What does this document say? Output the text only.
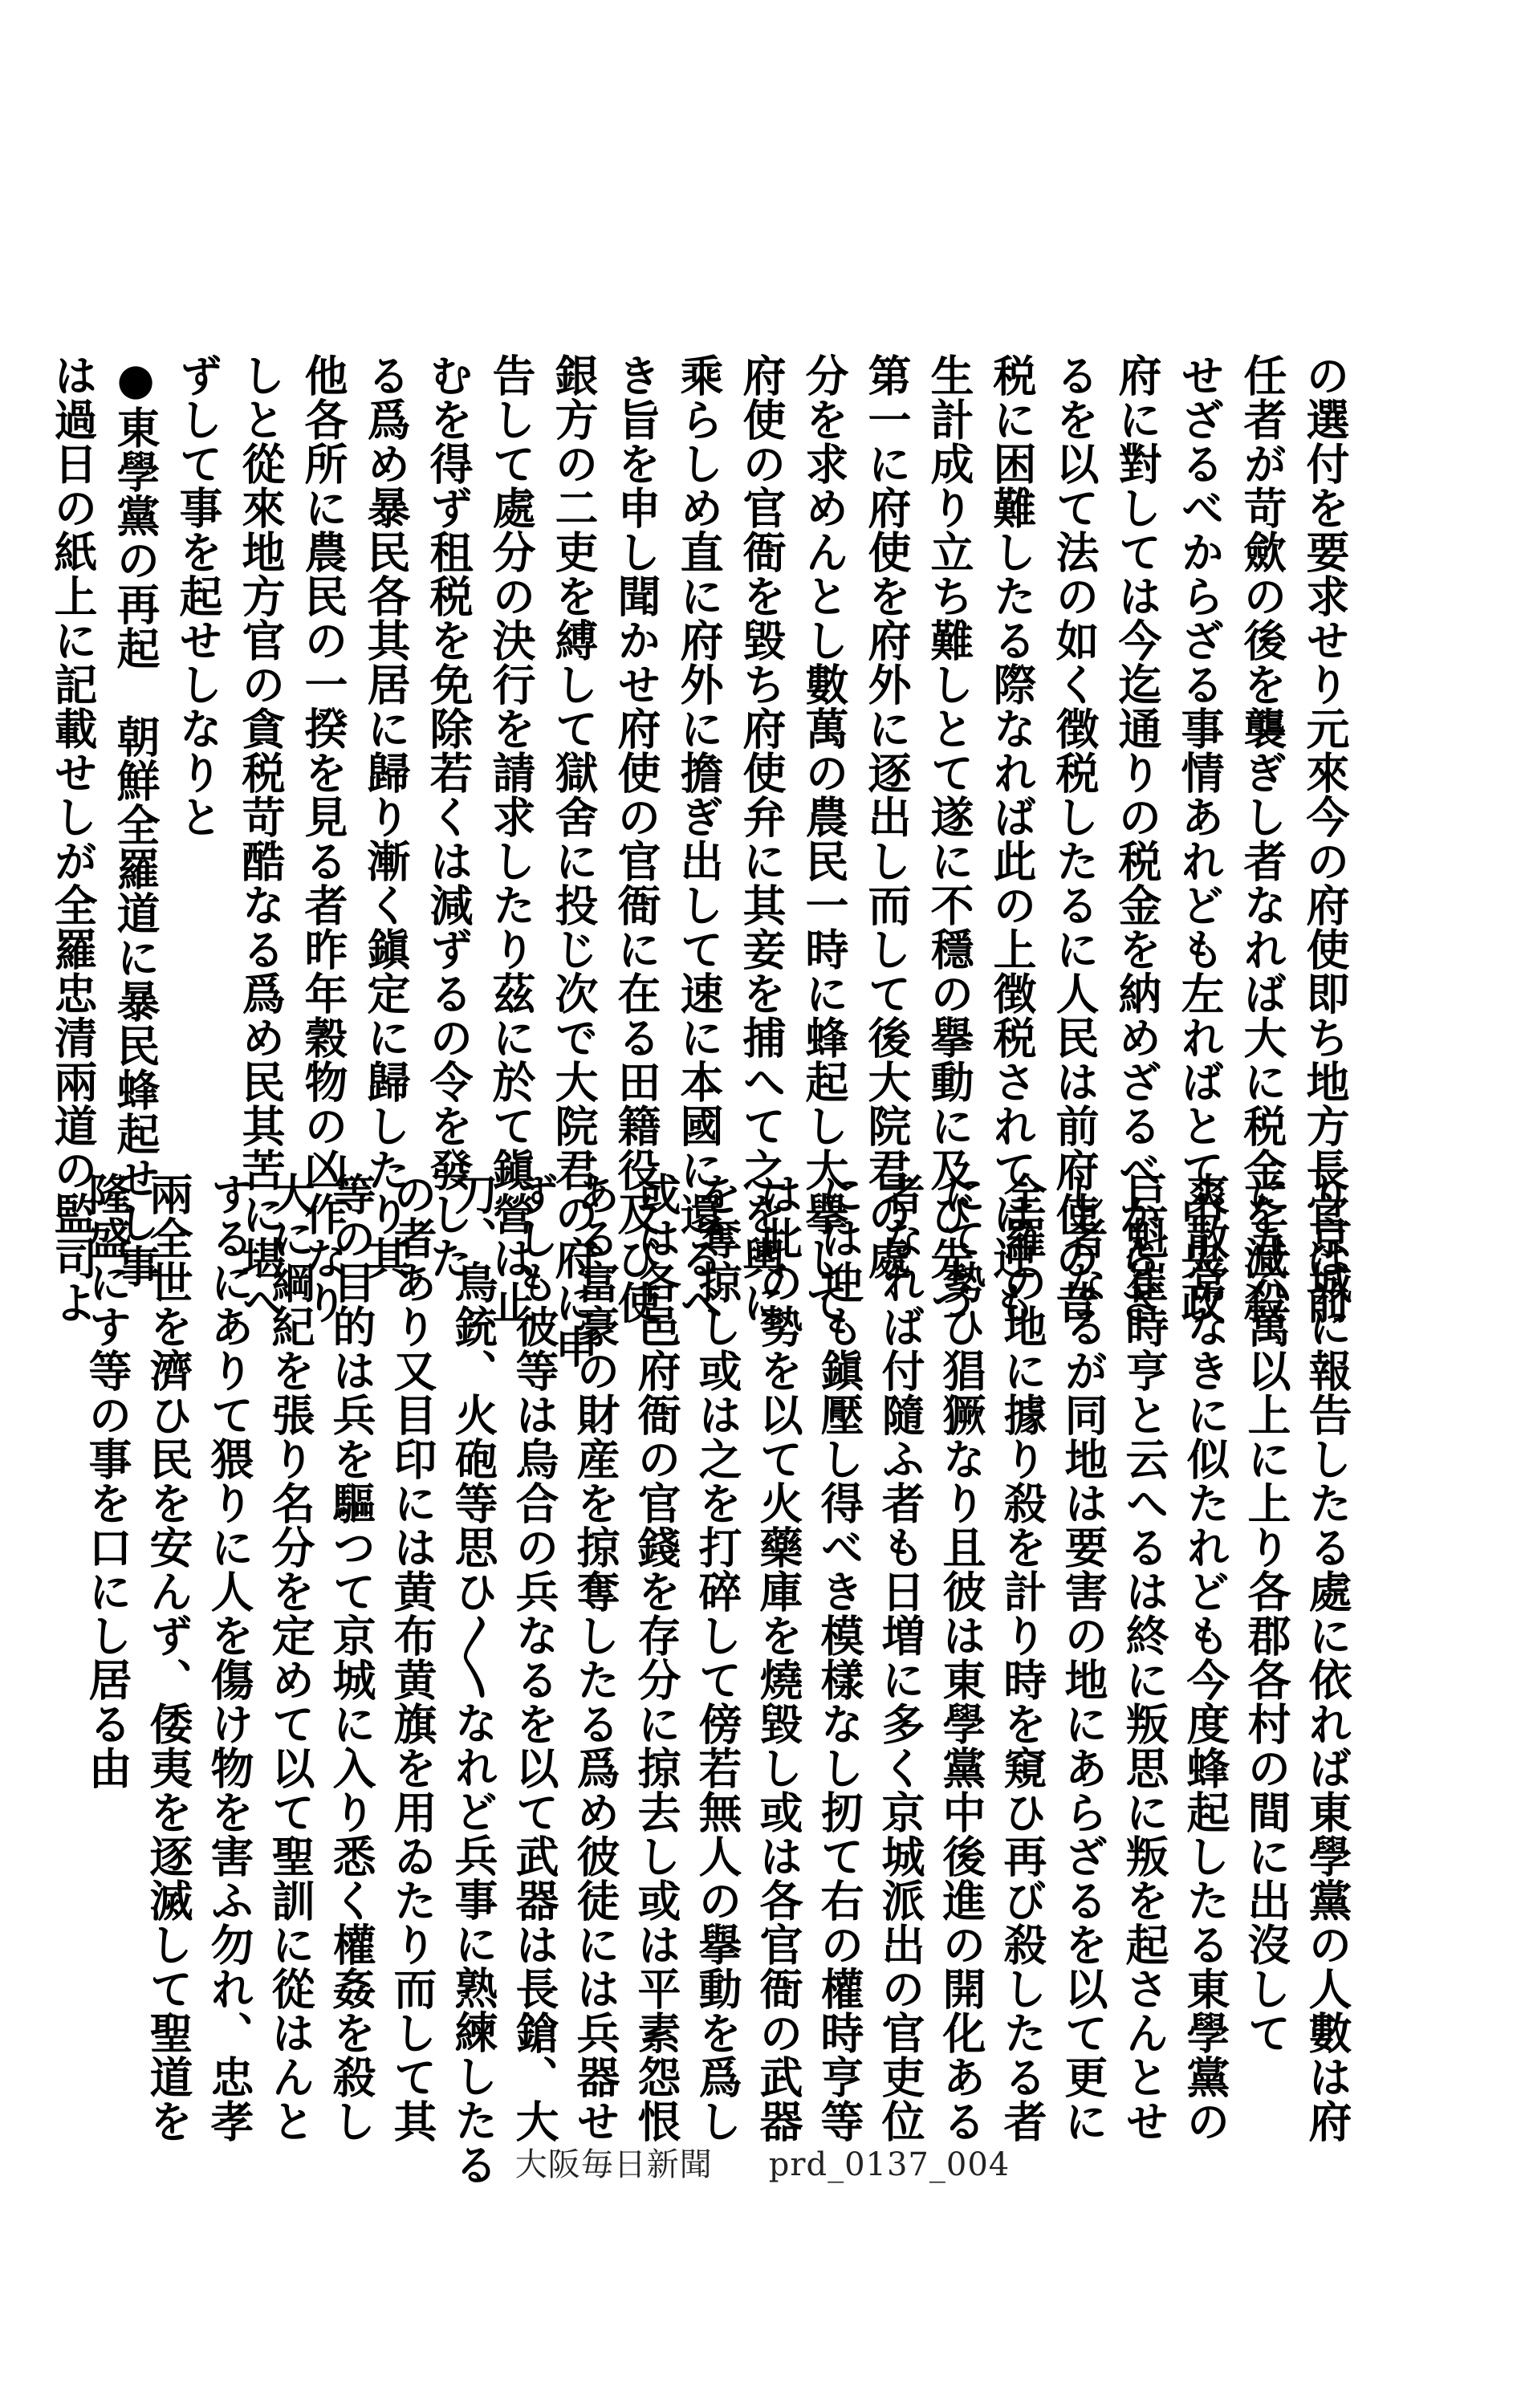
の選付を要求せり元來今の府使即ち地方長官は前
任者が苛歛の後を襲ぎし者なれば大に税金を減殺
せざるべからざる事情あれども左ればとて中央政
府に對しては今迄通りの税金を納めざるべからざ
るを以て法の如く徴税したるに人民は前府使の昔
税に困難したる際なれば此の上徴税されては迚も
生計成り立ち難しとて遂に不穩の擧動に及び先づ
第一に府使を府外に逐出し而して後大院君の處
分を求めんとし數萬の農民一時に蜂起し大擧して
府使の官衙を毀ち府使弁に其妾を捕へて之を輿に
乘らしめ直に府外に擔ぎ出して速に本國に還るべ
き旨を申し聞かせ府使の官衙に在る田籍役及び使
銀方の二吏を縛して獄舍に投じ次で大院君の府に申
告して處分の決行を請求したり茲に於て鎭營は止
むを得ず租税を免除若くは減ずるの令を發した
る爲め暴民各其居に歸り漸く鎭定に歸したり其
他各所に農民の一揆を見る者昨年穀物の凶作なり
しと從來地方官の貪税苛酷なる爲め民其苦に堪へ
ずして事を起せしなりと
●東學黨の再起　朝鮮全羅道に暴民蜂起せし事
は過日の紙上に記載せしが全羅忠清兩道の監司よ
り京城に報告したる處に依れば東學黨の人數は府
に五六萬以上に上り各郡各村の間に出沒して
爽散常なきに似たれども今度蜂起したる東學黨の
巨魁崔時亨と云へるは終に叛思に叛を起さんとせ
し者なるが同地は要害の地にあらざるを以て更に
全羅の地に據り殺を計り時を窺ひ再び殺したる者
にて勢ひ猖獗なり且彼は東學黨中後進の開化ある
者なれば付隨ふ者も日増に多く京城派出の官吏位
には迚も鎭壓し得べき模樣なし扨て右の權時亨等
は此の勢を以て火藥庫を燒毀し或は各官衙の武器
を奪掠し或は之を打碎して傍若無人の擧動を爲し
或は各邑府衙の官錢を存分に掠去し或は平素怨恨
ある富豪の財産を掠奪したる爲め彼徒には兵器せ
ずしも彼等は烏合の兵なるを以て武器は長鎗、大
刀、鳥銃、火砲等思ひ〳〵なれど兵事に熟練したる
の者あり又目印には黄布黄旗を用ゐたり而して其
等の目的は兵を驅つて京城に入り悉く權姦を殺し
大に綱紀を張り名分を定めて以て聖訓に從はんと
するにありて猥りに人を傷け物を害ふ勿れ、忠孝
兩全世を濟ひ民を安んず、倭夷を逐滅して聖道を
隆盛にす等の事を口にし居る由
大阪毎日新聞 prd_0137_004
